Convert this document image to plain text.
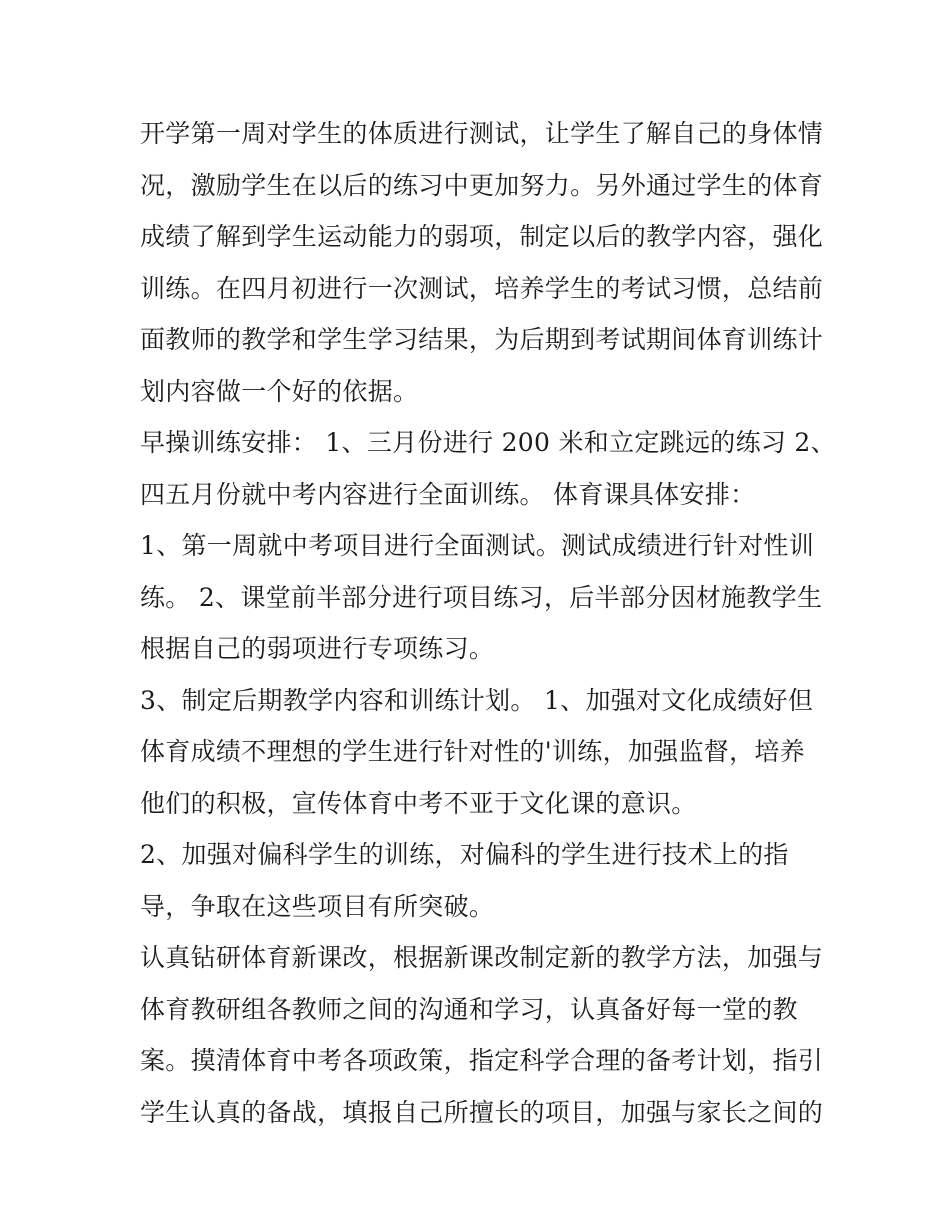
开学第一周对学生的体质进行测试，让学生了解自己的身体情
况，激励学生在以后的练习中更加努力。另外通过学生的体育
成绩了解到学生运动能力的弱项，制定以后的教学内容，强化
训练。在四月初进行一次测试，培养学生的考试习惯，总结前
面教师的教学和学生学习结果，为后期到考试期间体育训练计
划内容做一个好的依据。
早操训练安排： 1、三月份进行 200 米和立定跳远的练习 2、
四五月份就中考内容进行全面训练。 体育课具体安排：
1、第一周就中考项目进行全面测试。测试成绩进行针对性训
练。 2、课堂前半部分进行项目练习，后半部分因材施教学生
根据自己的弱项进行专项练习。
3、制定后期教学内容和训练计划。 1、加强对文化成绩好但
体育成绩不理想的学生进行针对性的'训练，加强监督，培养
他们的积极，宣传体育中考不亚于文化课的意识。
2、加强对偏科学生的训练，对偏科的学生进行技术上的指
导，争取在这些项目有所突破。
认真钻研体育新课改，根据新课改制定新的教学方法，加强与
体育教研组各教师之间的沟通和学习，认真备好每一堂的教
案。摸清体育中考各项政策，指定科学合理的备考计划，指引
学生认真的备战，填报自己所擅长的项目，加强与家长之间的
